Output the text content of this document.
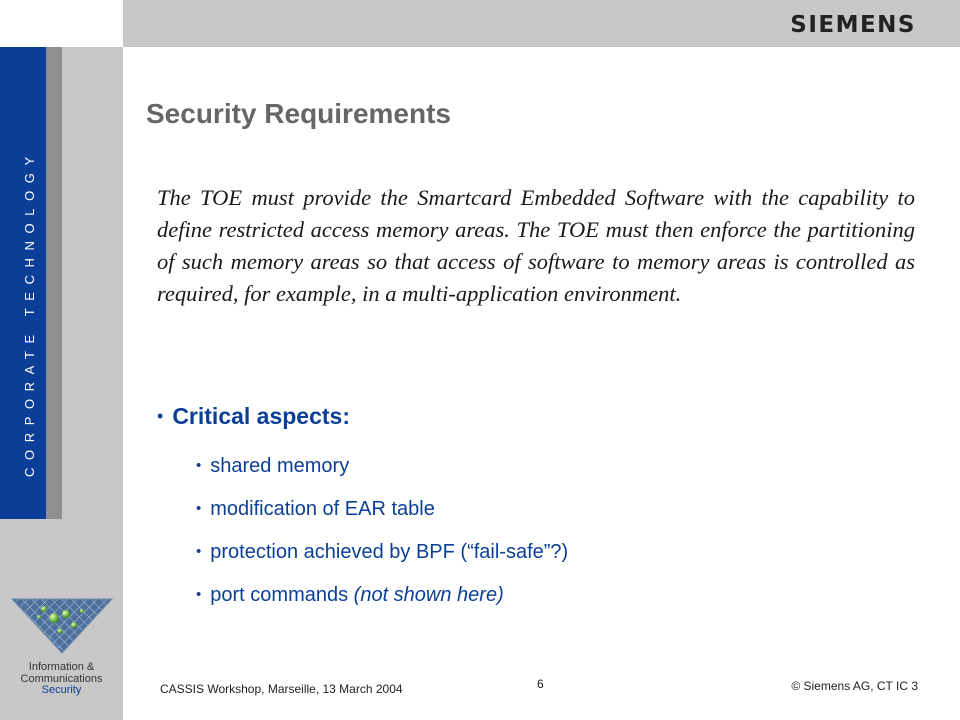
CORPORATE TECHNOLOGY
SIEMENS
Security Requirements
The TOE must provide the Smartcard Embedded Software with the capability to define restricted access memory areas. The TOE must then enforce the partitioning of such memory areas so that access of software to memory areas is controlled as required, for example, in a multi-application environment.
• Critical aspects:
• shared memory
• modification of EAR table
• protection achieved by BPF (“fail-safe”?)
• port commands (not shown here)
Information &
Communications
Security	CASSIS Workshop, Marseille, 13 March 2004	6	© Siemens AG, CT IC 3
